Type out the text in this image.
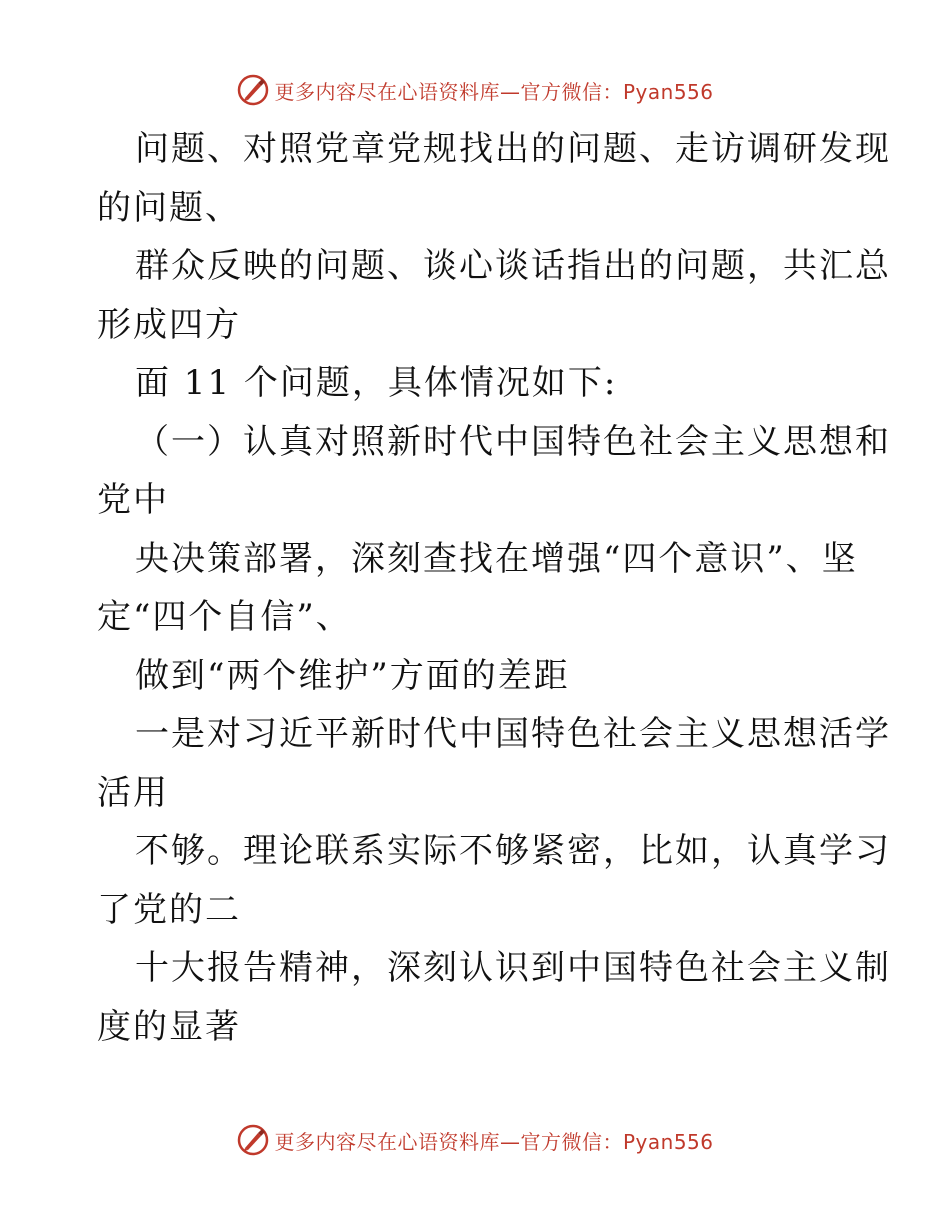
更多内容尽在心语资料库—官方微信：Pyan556
问题、对照党章党规找出的问题、走访调研发现
的问题、
群众反映的问题、谈心谈话指出的问题，共汇总
形成四方
面 11 个问题，具体情况如下:
（一）认真对照新时代中国特色社会主义思想和
党中
央决策部署，深刻查找在增强“四个意识”、坚
定“四个自信”、
做到“两个维护”方面的差距
一是对习近平新时代中国特色社会主义思想活学
活用
不够。理论联系实际不够紧密，比如，认真学习
了党的二
十大报告精神，深刻认识到中国特色社会主义制
度的显著
更多内容尽在心语资料库—官方微信：Pyan556
